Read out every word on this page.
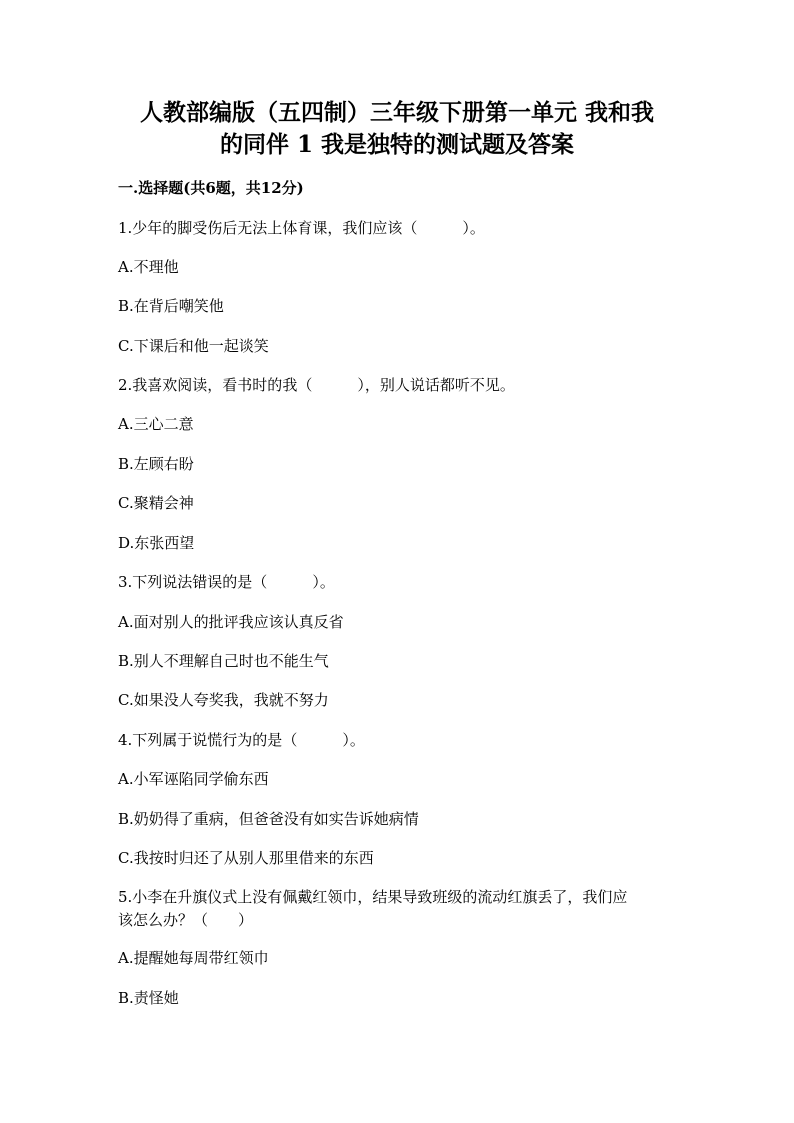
人教部编版（五四制）三年级下册第一单元 我和我
的同伴 1 我是独特的测试题及答案
一.选择题(共6题，共12分)
1.少年的脚受伤后无法上体育课，我们应该（　　　）。
A.不理他
B.在背后嘲笑他
C.下课后和他一起谈笑
2.我喜欢阅读，看书时的我（　　　），别人说话都听不见。
A.三心二意
B.左顾右盼
C.聚精会神
D.东张西望
3.下列说法错误的是（　　　）。
A.面对别人的批评我应该认真反省
B.别人不理解自己时也不能生气
C.如果没人夸奖我，我就不努力
4.下列属于说慌行为的是（　　　）。
A.小军诬陷同学偷东西
B.奶奶得了重病，但爸爸没有如实告诉她病情
C.我按时归还了从别人那里借来的东西
5.小李在升旗仪式上没有佩戴红领巾，结果导致班级的流动红旗丢了，我们应
该怎么办？（　　）
A.提醒她每周带红领巾
B.责怪她
